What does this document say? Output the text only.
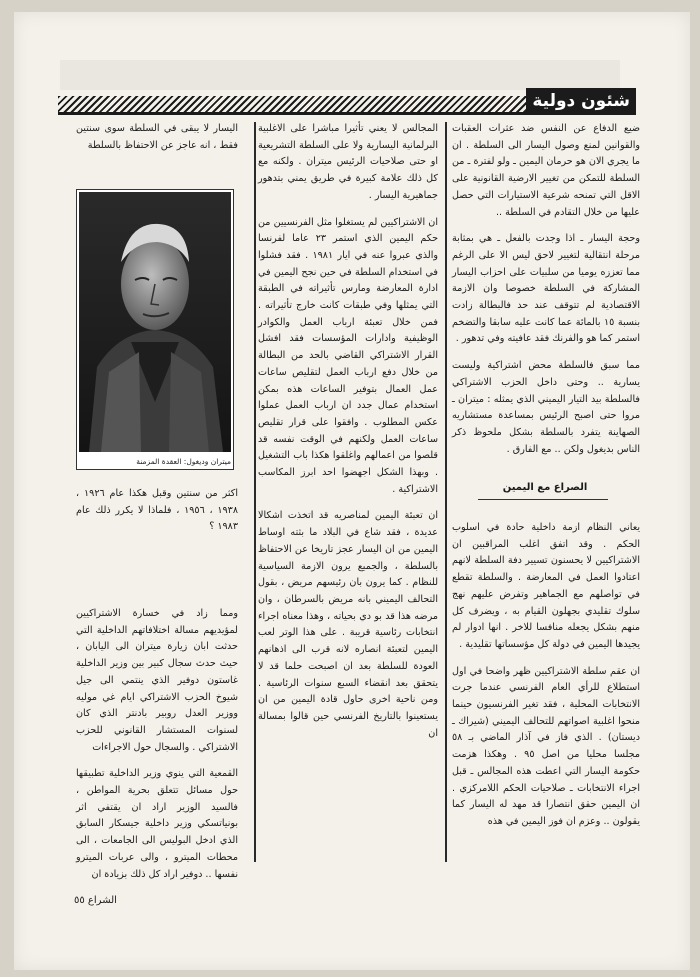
شئون دولية

ضيع الدفاع عن النفس ضد عثرات العقبات والقوانين لمنع وصول اليسار الى السلطة . ان ما يجري الان هو حرمان اليمين ـ ولو لفترة ـ من السلطة للتمكن من تغيير الارضية القانونية على الاقل التي تمنحه شرعية الاستيارات التي حصل عليها من خلال التقادم في السلطة ..

وحجة اليسار ـ اذا وجدت بالفعل ـ هي بمثابة مرحلة انتقالية لتغيير لاحق ليس الا على الرغم مما تعززه يوميا من سلبيات على احزاب اليسار المشاركة في السلطة خصوصا وان الازمة الاقتصادية لم تتوقف عند حد فالبطالة زادت بنسبة ١٥ بالمائة عما كانت عليه سابقا والتضخم استمر كما هو والفرنك فقد عافيته وفي تدهور .

مما سبق فالسلطة محض اشتراكية وليست يسارية .. وحتى داخل الحزب الاشتراكي فالسلطة بيد التيار اليميني الذي يمثله : ميتران ـ مروا حتى اصبح الرئيس بمساعدة مستشاريه الصهاينة يتفرد بالسلطة بشكل ملحوظ ذكر الناس بديغول ولكن .. مع الفارق .

الصراع مع اليمين

يعاني النظام ازمة داخلية حادة في اسلوب الحكم . وقد اتفق اغلب المراقبين ان الاشتراكيين لا يحسنون تسيير دفة السلطة لانهم اعتادوا العمل في المعارضة . والسلطة تقطع في تواصلهم مع الجماهير وتفرض عليهم نهج سلوك تقليدي بجهلون القيام به ، ويضرف كل منهم بشكل يجعله منافسا للاخر . انها ادوار لم يجيدها اليمين في دولة كل مؤسساتها تقليدية .

ان عقم سلطة الاشتراكيين ظهر واضحا في اول استطلاع للرأي العام الفرنسي عندما جرت الانتخابات المحلية ، فقد تغير الفرنسيون حينما منحوا اغلبية اصواتهم للتحالف اليميني (شيراك ـ ديستان) . الذي فاز في آذار الماضي بـ ٥٨ مجلسا محليا من اصل ٩٥ . وهكذا هزمت حكومة اليسار التي اعطت هذه المجالس ـ قبل اجراء الانتخابات ـ صلاحيات الحكم اللامركزي . ان اليمين حقق انتصارا قد مهد له اليسار كما يقولون .. وعزم ان فوز اليمين في هذه

المجالس لا يعني تأثيرا مباشرا على الاغلبية البرلمانية اليسارية ولا على السلطة التشريعية او حتى صلاحيات الرئيس ميتران . ولكنه مع كل ذلك علامة كبيرة في طريق يمني بتدهور جماهيرية اليسار .

ان الاشتراكيين لم يستغلوا مثل الفرنسيين من حكم اليمين الذي استمر ٢٣ عاما لفرنسا والذي عبروا عنه في ايار ١٩٨١ . فقد فشلوا في استخدام السلطة في حين نجح اليمين في ادارة المعارضة ومارس تأثيراته في الطبقة التي يمثلها وفي طبقات كانت خارج تأثيراته . فمن خلال تعبئة ارباب العمل والكوادر الوظيفية وادارات المؤسسات فقد افشل القرار الاشتراكي القاضي بالحد من البطالة من خلال دفع ارباب العمل لتقليص ساعات عمل العمال بتوفير الساعات هذه بمكن استخدام عمال جدد ان ارباب العمل عملوا عكس المطلوب . وافقوا على قرار تقليص ساعات العمل ولكنهم في الوقت نفسه قد قلصوا من اعمالهم واغلقوا هكذا باب التشغيل . وبهذا الشكل اجهضوا احد ابرز المكاسب الاشتراكية .

ان تعبئة اليمين لمناصريه قد اتخذت اشكالا عديدة ، فقد شاع في البلاد ما بثته اوساط اليمين من ان اليسار عجز تاريخا عن الاحتفاظ بالسلطة ، والجميع يرون الازمة السياسية للنظام . كما يرون بان رئيسهم مريض ، بقول التحالف اليميني بانه مريض بالسرطان ، وان مرضه هذا قد بو دي بحياته ، وهذا معناه اجراء انتخابات رئاسية قريبة . على هذا الوتر لعب اليمين لتعبئة انصاره لانه قرب الى اذهانهم العودة للسلطة بعد ان اصبحت حلما قد لا يتحقق بعد انقضاء السبع سنوات الرئاسية . ومن ناحية اخرى حاول قادة اليمين من ان يستعينوا بالتاريخ الفرنسي حين قالوا بمسالة ان

اليسار لا يبقى في السلطة سوى سنتين فقط ، انه عاجز عن الاحتفاظ بالسلطة

ميتران وديغول: العقدة المزمنة

اكثر من سنتين وقبل هكذا عام ١٩٢٦ ، ١٩٣٨ ، ١٩٥٦ ، فلماذا لا يكرر ذلك عام ١٩٨٣ ؟

ومما زاد في خسارة الاشتراكيين لمؤيديهم مسالة اختلافاتهم الداخلية التي حدثت ابان زيارة ميتران الى اليابان ، حيث حدث سجال كبير بين وزير الداخلية غاستون دوفير الذي ينتمي الى جيل شيوخ الحزب الاشتراكي ايام غي موليه ووزير العدل روبير بادنتر الذي كان لسنوات المستشار القانوني للحزب الاشتراكي . والسجال حول الاجراءات

القمعية التي ينوي وزير الداخلية تطبيقها حول مسائل تتعلق بحرية المواطن ، فالسيد الوزير اراد ان يقتفي اثر بونياتسكي وزير داخلية جيسكار السابق الذي ادخل البوليس الى الجامعات ، الى محطات الميترو ، والى عربات الميترو نفسها .. دوفير اراد كل ذلك بزيادة ان

الشراع ٥٥
